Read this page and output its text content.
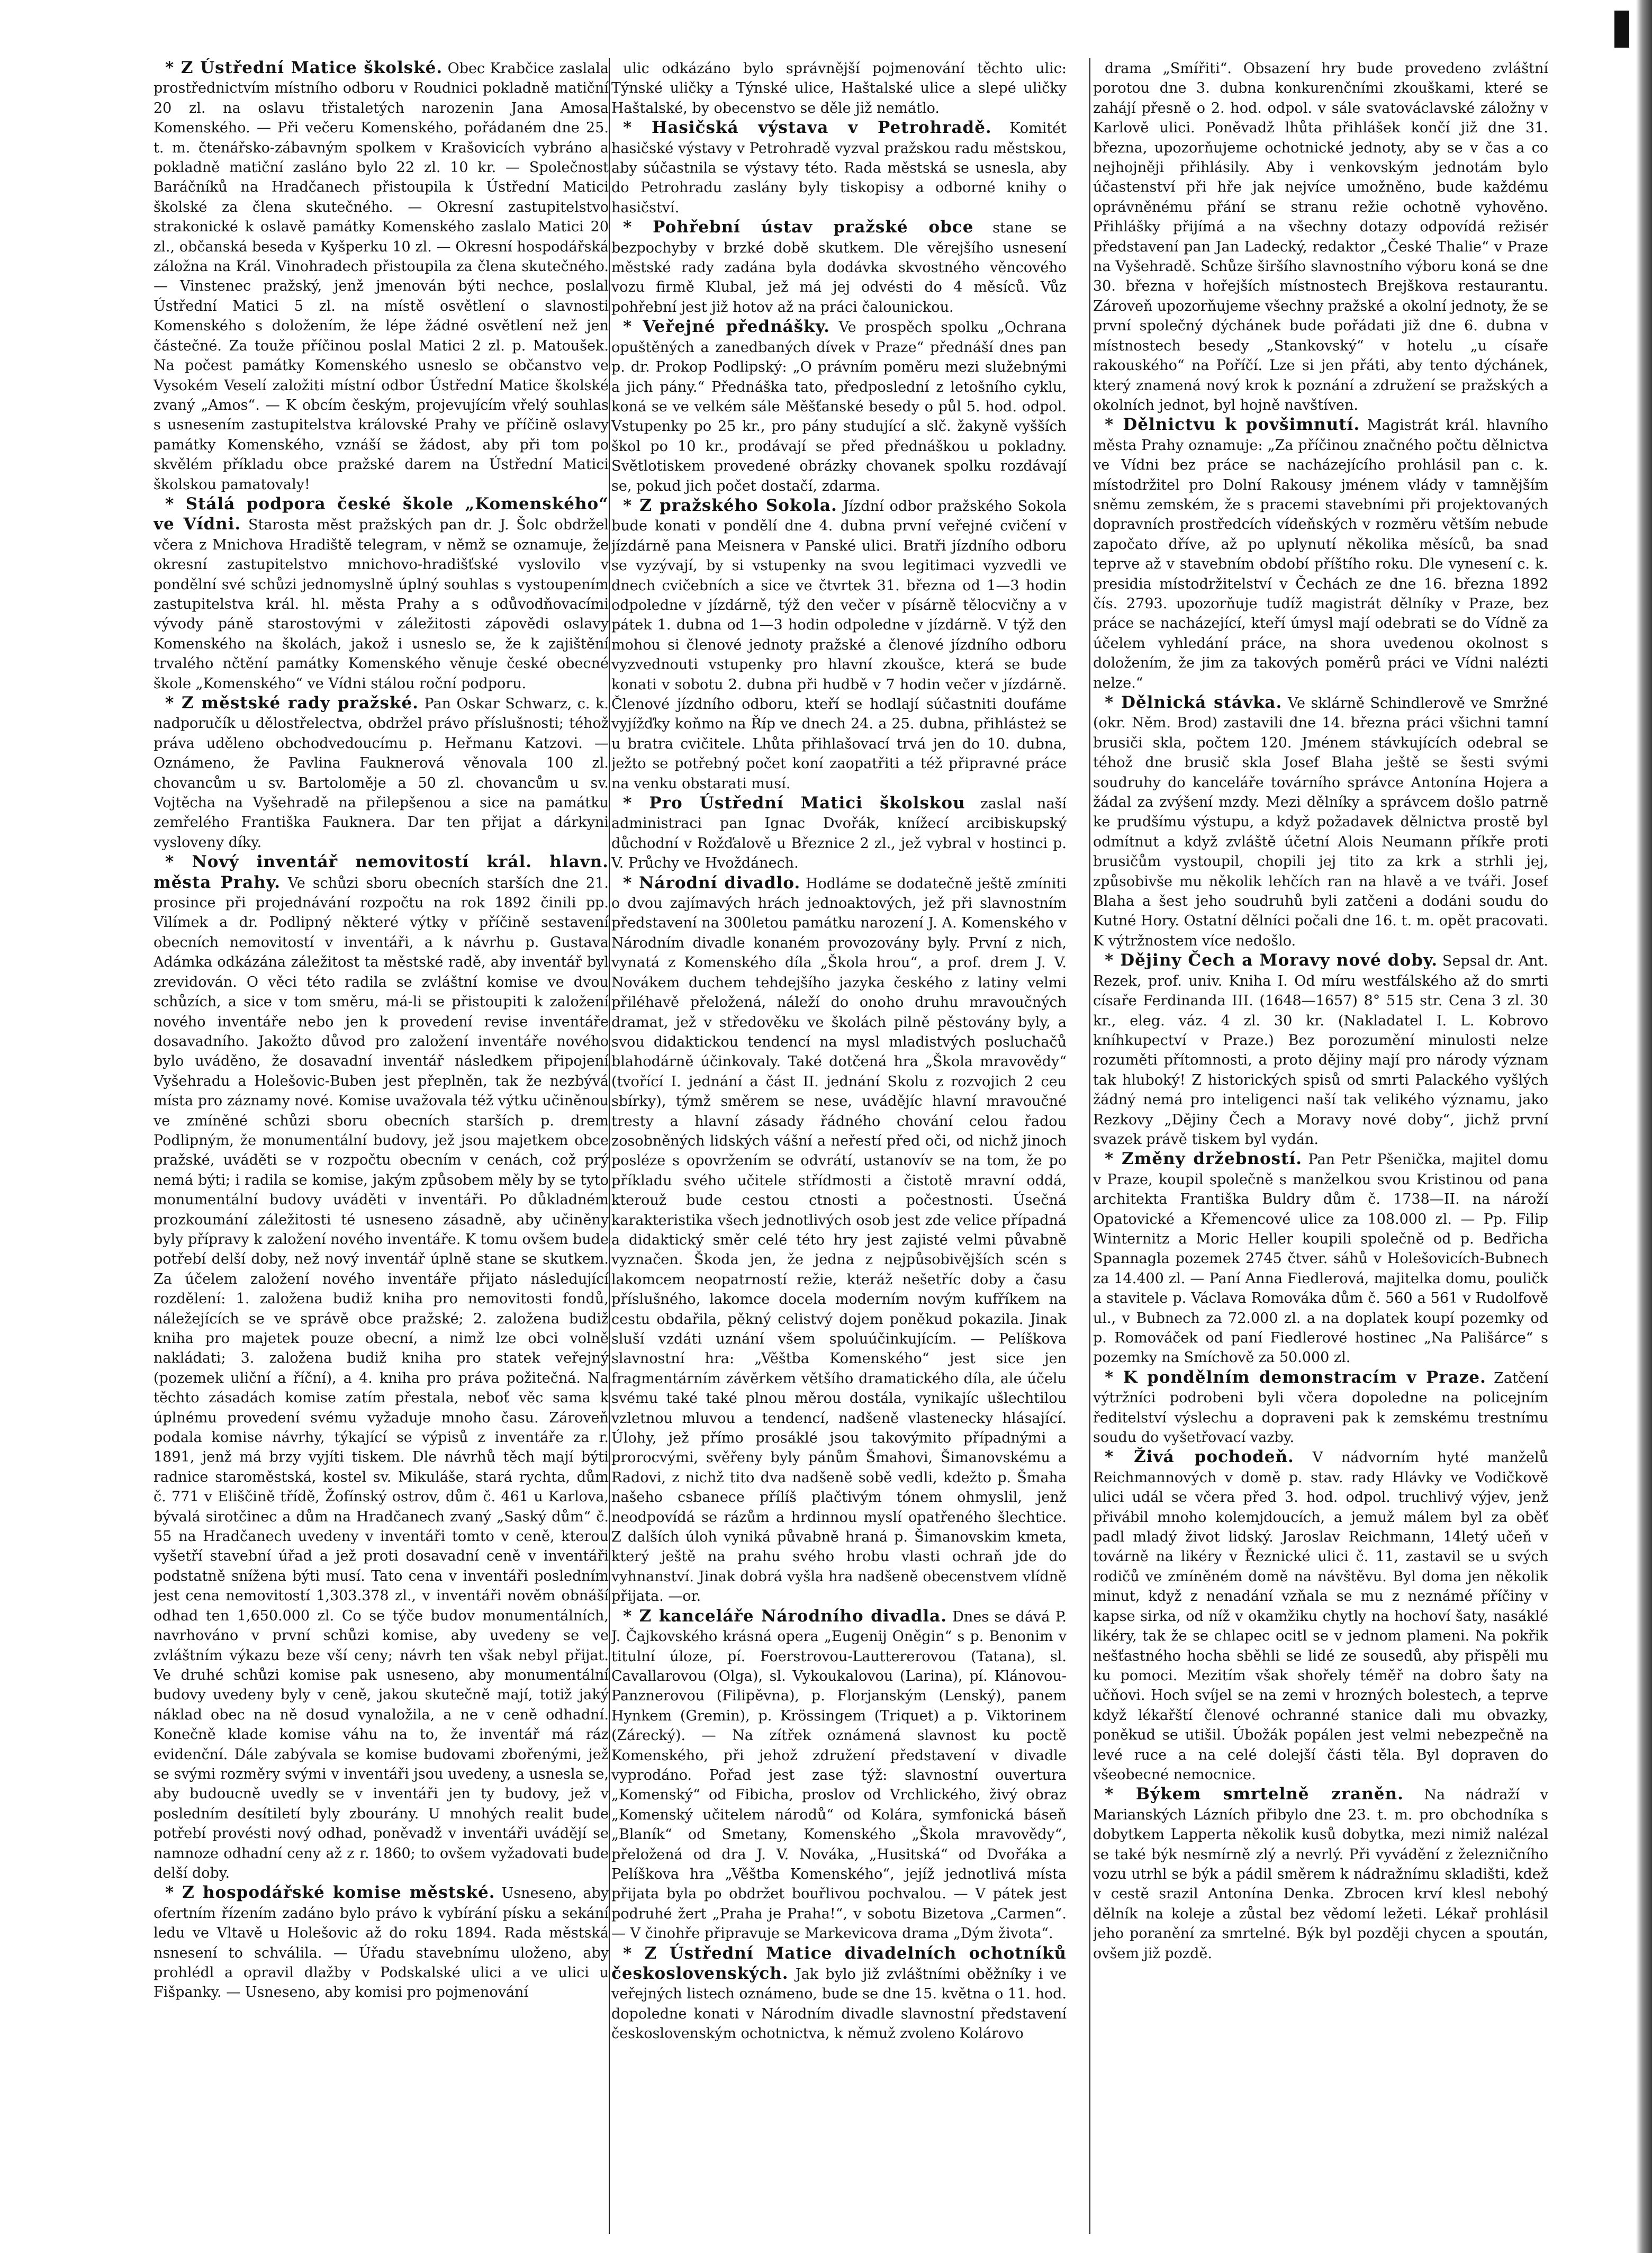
* Z Ústřední Matice školské. Obec Krabčice zaslala prostřednictvím místního odboru v Roudnici pokladně matiční 20 zl. na oslavu třistaletých narozenin Jana Amosa Komenského. — Při večeru Komenského, pořádaném dne 25. t. m. čtenářsko-zábavným spolkem v Krašovicích vybráno a pokladně matiční zasláno bylo 22 zl. 10 kr. — Společnost Baráčníků na Hradčanech přistoupila k Ústřední Matici školské za člena skutečného. — Okresní zastupitelstvo strakonické k oslavě památky Komenského zaslalo Matici 20 zl., občanská beseda v Kyšperku 10 zl. — Okresní hospodářská záložna na Král. Vinohradech přistoupila za člena skutečného. — Vinstenec pražský, jenž jmenován býti nechce, poslal Ústřední Matici 5 zl. na místě osvětlení o slavnosti Komenského s doložením, že lépe žádné osvětlení než jen částečné. Za touže příčinou poslal Matici 2 zl. p. Matoušek. Na počest památky Komenského usneslo se občanstvo ve Vysokém Veselí založiti místní odbor Ústřední Matice školské zvaný „Amos“. — K obcím českým, projevujícím vřelý souhlas s usnesením zastupitelstva královské Prahy ve příčině oslavy památky Komenského, vznáší se žádost, aby při tom po skvělém příkladu obce pražské darem na Ústřední Matici školskou pamatovaly!

* Stálá podpora české škole „Komenského“ ve Vídni. Starosta měst pražských pan dr. J. Šolc obdržel včera z Mnichova Hradiště telegram, v němž se oznamuje, že okresní zastupitelstvo mnichovo-hradišťské vyslovilo v pondělní své schůzi jednomyslně úplný souhlas s vystoupením zastupitelstva král. hl. města Prahy a s odůvodňovacími vývody páně starostovými v záležitosti zápovědi oslavy Komenského na školách, jakož i usneslo se, že k zajištění trvalého nčtění památky Komenského věnuje české obecné škole „Komenského“ ve Vídni stálou roční podporu.

* Z městské rady pražské. Pan Oskar Schwarz, c. k. nadporučík u dělostřelectva, obdržel právo příslušnosti; téhož práva uděleno obchodvedoucímu p. Heřmanu Katzovi. — Oznámeno, že Pavlina Fauknerová věnovala 100 zl. chovancům u sv. Bartoloměje a 50 zl. chovancům u sv. Vojtěcha na Vyšehradě na přilepšenou a sice na památku zemřelého Františka Fauknera. Dar ten přijat a dárkyni vysloveny díky.

* Nový inventář nemovitostí král. hlavn. města Prahy. Ve schůzi sboru obecních starších dne 21. prosince při projednávání rozpočtu na rok 1892 činili pp. Vilímek a dr. Podlipný některé výtky v příčině sestavení obecních nemovitostí v inventáři, a k návrhu p. Gustava Adámka odkázána záležitost ta městské radě, aby inventář byl zrevidován. O věci této radila se zvláštní komise ve dvou schůzích, a sice v tom směru, má-li se přistoupiti k založení nového inventáře nebo jen k provedení revise inventáře dosavadního. Jakožto důvod pro založení inventáře nového bylo uváděno, že dosavadní inventář následkem připojení Vyšehradu a Holešovic-Buben jest přeplněn, tak že nezbývá místa pro záznamy nové. Komise uvažovala též výtku učiněnou ve zmíněné schůzi sboru obecních starších p. drem Podlipným, že monumentální budovy, jež jsou majetkem obce pražské, uváděti se v rozpočtu obecním v cenách, což prý nemá býti; i radila se komise, jakým způsobem měly by se tyto monumentální budovy uváděti v inventáři. Po důkladném prozkoumání záležitosti té usneseno zásadně, aby učiněny byly přípravy k založení nového inventáře. K tomu ovšem bude potřebí delší doby, než nový inventář úplně stane se skutkem. Za účelem založení nového inventáře přijato následující rozdělení: 1. založena budiž kniha pro nemovitosti fondů, náležejících se ve správě obce pražské; 2. založena budiž kniha pro majetek pouze obecní, a nimž lze obci volně nakládati; 3. založena budiž kniha pro statek veřejný (pozemek uliční a říční), a 4. kniha pro práva požitečná. Na těchto zásadách komise zatím přestala, neboť věc sama k úplnému provedení svému vyžaduje mnoho času. Zároveň podala komise návrhy, týkající se výpisů z inventáře za r. 1891, jenž má brzy vyjíti tiskem. Dle návrhů těch mají býti radnice staroměstská, kostel sv. Mikuláše, stará rychta, dům č. 771 v Eliščině třídě, Žofínský ostrov, dům č. 461 u Karlova, bývalá sirotčinec a dům na Hradčanech zvaný „Saský dům“ č. 55 na Hradčanech uvedeny v inventáři tomto v ceně, kterou vyšetří stavební úřad a jež proti dosavadní ceně v inventáři podstatně snížena býti musí. Tato cena v inventáři posledním jest cena nemovitostí 1,303.378 zl., v inventáři nověm obnáší odhad ten 1,650.000 zl. Co se týče budov monumentálních, navrhováno v první schůzi komise, aby uvedeny se ve zvláštním výkazu beze vší ceny; návrh ten však nebyl přijat. Ve druhé schůzi komise pak usneseno, aby monumentální budovy uvedeny byly v ceně, jakou skutečně mají, totiž jaký náklad obec na ně dosud vynaložila, a ne v ceně odhadní. Konečně klade komise váhu na to, že inventář má ráz evidenční. Dále zabývala se komise budovami zbořenými, jež se svými rozměry svými v inventáři jsou uvedeny, a usnesla se, aby budoucně uvedly se v inventáři jen ty budovy, jež v posledním desítiletí byly zbourány. U mnohých realit bude potřebí provésti nový odhad, poněvadž v inventáři uvádějí se namnoze odhadní ceny až z r. 1860; to ovšem vyžadovati bude delší doby.

* Z hospodářské komise městské. Usneseno, aby ofertním řízením zadáno bylo právo k vybírání písku a sekání ledu ve Vltavě u Holešovic až do roku 1894. Rada městská nsnesení to schválila. — Úřadu stavebnímu uloženo, aby prohlédl a opravil dlažby v Podskalské ulici a ve ulici u Fišpanky. — Usneseno, aby komisi pro pojmenování

ulic odkázáno bylo správnější pojmenování těchto ulic: Týnské uličky a Týnské ulice, Haštalské ulice a slepé uličky Haštalské, by obecenstvo se děle již nemátlo.

* Hasičská výstava v Petrohradě. Komitét hasičské výstavy v Petrohradě vyzval pražskou radu městskou, aby súčastnila se výstavy této. Rada městská se usnesla, aby do Petrohradu zaslány byly tiskopisy a odborné knihy o hasičství.

* Pohřební ústav pražské obce stane se bezpochyby v brzké době skutkem. Dle věrejšího usnesení městské rady zadána byla dodávka skvostného věncového vozu firmě Klubal, jež má jej odvésti do 4 měsíců. Vůz pohřební jest již hotov až na práci čalounickou.

* Veřejné přednášky. Ve prospěch spolku „Ochrana opuštěných a zanedbaných dívek v Praze“ přednáší dnes pan p. dr. Prokop Podlipský: „O právním poměru mezi služebnými a jich pány.“ Přednáška tato, předposlední z letošního cyklu, koná se ve velkém sále Měšťanské besedy o půl 5. hod. odpol. Vstupenky po 25 kr., pro pány studující a slč. žakyně vyšších škol po 10 kr., prodávají se před přednáškou u pokladny. Světlotiskem provedené obrázky chovanek spolku rozdávají se, pokud jich počet dostačí, zdarma.

* Z pražského Sokola. Jízdní odbor pražského Sokola bude konati v pondělí dne 4. dubna první veřejné cvičení v jízdárně pana Meisnera v Panské ulici. Bratři jízdního odboru se vyzývají, by si vstupenky na svou legitimaci vyzvedli ve dnech cvičebních a sice ve čtvrtek 31. března od 1—3 hodin odpoledne v jízdárně, týž den večer v písárně tělocvičny a v pátek 1. dubna od 1—3 hodin odpoledne v jízdárně. V týž den mohou si členové jednoty pražské a členové jízdního odboru vyzvednouti vstupenky pro hlavní zkoušce, která se bude konati v sobotu 2. dubna při hudbě v 7 hodin večer v jízdárně. Členové jízdního odboru, kteří se hodlají súčastniti doufáme vyjížďky koňmo na Říp ve dnech 24. a 25. dubna, přihlásteż se u bratra cvičitele. Lhůta přihlašovací trvá jen do 10. dubna, ježto se potřebný počet koní zaopatřiti a též připravné práce na venku obstarati musí.

* Pro Ústřední Matici školskou zaslal naší administraci pan Ignac Dvořák, knížecí arcibiskupský důchodní v Rožďalově u Březnice 2 zl., jež vybral v hostinci p. V. Průchy ve Hvoždánech.

* Národní divadlo. Hodláme se dodatečně ještě zmíniti o dvou zajímavých hrách jednoaktových, jež při slavnostním představení na 300letou památku narození J. A. Komenského v Národním divadle konaném provozovány byly. První z nich, vynatá z Komenského díla „Škola hrou“, a prof. drem J. V. Novákem duchem tehdejšího jazyka českého z latiny velmi přiléhavě přeložená, náleží do onoho druhu mravoučných dramat, jež v středověku ve školách pilně pěstovány byly, a svou didaktickou tendencí na mysl mladistvých posluchačů blahodárně účinkovaly. Také dotčená hra „Škola mravovědy“ (tvořící I. jednání a část II. jednání Skolu z rozvojich 2 ceu sbírky), týmž směrem se nese, uvádějíc hlavní mravoučné tresty a hlavní zásady řádného chování celou řadou zosobněných lidských vášní a neřestí před oči, od nichž jinoch posléze s opovržením se odvrátí, ustanovív se na tom, že po příkladu svého učitele střídmosti a čistotě mravní oddá, kterouž bude cestou ctnosti a počestnosti. Úsečná karakteristika všech jednotlivých osob jest zde velice případná a didaktický směr celé této hry jest zajisté velmi půvabně vyznačen. Škoda jen, že jedna z nejpůsobivějších scén s lakomcem neopatrností režie, kteráž nešetříc doby a času příslušného, lakomce docela moderním novým kufříkem na cestu obdařila, pěkný celistvý dojem poněkud pokazila. Jinak sluší vzdáti uznání všem spoluúčinkujícím. — Pelíškova slavnostní hra: „Věštba Komenského“ jest sice jen fragmentárním závěrkem většího dramatického díla, ale účelu svému také také plnou měrou dostála, vynikajíc ušlechtilou vzletnou mluvou a tendencí, nadšeně vlastenecky hlásající. Úlohy, jež přímo prosáklé jsou takovýmito případnými a prorocvými, svěřeny byly pánům Šmahovi, Šimanovskému a Radovi, z nichž tito dva nadšeně sobě vedli, kdežto p. Šmaha našeho csbanece přílíš plačtivým tónem ohmyslil, jenž neodpovídá se rázům a hrdinnou myslí opatřeného šlechtice. Z dalších úloh vyniká půvabně hraná p. Šimanovskim kmeta, který ještě na prahu svého hrobu vlasti ochraň jde do vyhnanství. Jinak dobrá vyšla hra nadšeně obecenstvem vlídně přijata. —or.

* Z kanceláře Národního divadla. Dnes se dává P. J. Čajkovského krásná opera „Eugenij Oněgin“ s p. Benonim v titulní úloze, pí. Foerstrovou-Lauttererovou (Tatana), sl. Cavallarovou (Olga), sl. Vykoukalovou (Larina), pí. Klánovou-Panznerovou (Filipěvna), p. Florjanským (Lenský), panem Hynkem (Gremin), p. Krössingem (Triquet) a p. Viktorinem (Zárecký). — Na zítřek oznámená slavnost ku poctě Komenského, při jehož združení představení v divadle vyprodáno. Pořad jest zase týž: slavnostní ouvertura „Komenský“ od Fibicha, proslov od Vrchlického, živý obraz „Komenský učitelem národů“ od Kolára, symfonická báseň „Blaník“ od Smetany, Komenského „Škola mravovědy“, přeložená od dra J. V. Nováka, „Husitská“ od Dvořáka a Pelíškova hra „Věštba Komenského“, jejíž jednotlivá místa přijata byla po obdržet bouřlivou pochvalou. — V pátek jest podruhé žert „Praha je Praha!“, v sobotu Bizetova „Carmen“. — V činohře připravuje se Markevicova drama „Dým života“.

* Z Ústřední Matice divadelních ochotníků československých. Jak bylo již zvláštními oběžníky i ve veřejných listech oznámeno, bude se dne 15. května o 11. hod. dopoledne konati v Národním divadle slavnostní představení československým ochotnictva, k němuž zvoleno Kolárovo

drama „Smířiti“. Obsazení hry bude provedeno zvláštní porotou dne 3. dubna konkurenčními zkouškami, které se zahájí přesně o 2. hod. odpol. v sále svatováclavské záložny v Karlově ulici. Poněvadž lhůta přihlášek končí již dne 31. března, upozorňujeme ochotnické jednoty, aby se v čas a co nejhojněji přihlásily. Aby i venkovským jednotám bylo účastenství při hře jak nejvíce umožněno, bude každému oprávněnému přání se stranu režie ochotně vyhověno. Přihlášky přijímá a na všechny dotazy odpovídá režisér představení pan Jan Ladecký, redaktor „České Thalie“ v Praze na Vyšehradě. Schůze širšího slavnostního výboru koná se dne 30. března v hořejších místnostech Brejškova restaurantu. Zároveň upozorňujeme všechny pražské a okolní jednoty, že se první společný dýchánek bude pořádati již dne 6. dubna v místnostech besedy „Stankovský“ v hotelu „u císaře rakouského“ na Poříčí. Lze si jen přáti, aby tento dýchánek, který znamená nový krok k poznání a združení se pražských a okolních jednot, byl hojně navštíven.

* Dělnictvu k povšimnutí. Magistrát král. hlavního města Prahy oznamuje: „Za příčinou značného počtu dělnictva ve Vídni bez práce se nacházejícího prohlásil pan c. k. místodržitel pro Dolní Rakousy jménem vlády v tamnějším sněmu zemském, že s pracemi stavebními při projektovaných dopravních prostředcích vídeňských v rozměru větším nebude započato dříve, až po uplynutí několika měsíců, ba snad teprve až v stavebním období příštího roku. Dle vynesení c. k. presidia místodržitelství v Čechách ze dne 16. března 1892 čís. 2793. upozorňuje tudíž magistrát dělníky v Praze, bez práce se nacházející, kteří úmysl mají odebrati se do Vídně za účelem vyhledání práce, na shora uvedenou okolnost s doložením, že jim za takových poměrů práci ve Vídni nalézti nelze.“

* Dělnická stávka. Ve sklárně Schindlerově ve Smržné (okr. Něm. Brod) zastavili dne 14. března práci všichni tamní brusiči skla, počtem 120. Jménem stávkujících odebral se téhož dne brusič skla Josef Blaha ještě se šesti svými soudruhy do kanceláře továrního správce Antonína Hojera a žádal za zvýšení mzdy. Mezi dělníky a správcem došlo patrně ke prudšímu výstupu, a když požadavek dělnictva prostě byl odmítnut a když zvláště účetní Alois Neumann příkře proti brusičům vystoupil, chopili jej tito za krk a strhli jej, způsobivše mu několik lehčích ran na hlavě a ve tváři. Josef Blaha a šest jeho soudruhů byli zatčeni a dodáni soudu do Kutné Hory. Ostatní dělníci počali dne 16. t. m. opět pracovati. K výtržnostem více nedošlo.

* Dějiny Čech a Moravy nové doby. Sepsal dr. Ant. Rezek, prof. univ. Kniha I. Od míru westfálského až do smrti císaře Ferdinanda III. (1648—1657) 8° 515 str. Cena 3 zl. 30 kr., eleg. váz. 4 zl. 30 kr. (Nakladatel I. L. Kobrovo kníhkupectví v Praze.) Bez porozumění minulosti nelze rozuměti přítomnosti, a proto dějiny mají pro národy význam tak hluboký! Z historických spisů od smrti Palackého vyšlých žádný nemá pro inteligenci naší tak velikého významu, jako Rezkovy „Dějiny Čech a Moravy nové doby“, jichž první svazek právě tiskem byl vydán.

* Změny držebností. Pan Petr Pšenička, majitel domu v Praze, koupil společně s manželkou svou Kristinou od pana architekta Františka Buldry dům č. 1738—II. na nároží Opatovické a Křemencové ulice za 108.000 zl. — Pp. Filip Winternitz a Moric Heller koupili společně od p. Bedřicha Spannagla pozemek 2745 čtver. sáhů v Holešovicích-Bubnech za 14.400 zl. — Paní Anna Fiedlerová, majitelka domu, pouličk a stavitele p. Václava Romováka dům č. 560 a 561 v Rudolfově ul., v Bubnech za 72.000 zl. a na doplatek koupí pozemky od p. Romováček od paní Fiedlerové hostinec „Na Pališárce“ s pozemky na Smíchově za 50.000 zl.

* K pondělním demonstracím v Praze. Zatčení výtržníci podrobeni byli včera dopoledne na policejním ředitelství výslechu a dopraveni pak k zemskému trestnímu soudu do vyšetřovací vazby.

* Živá pochodeň. V nádvorním hyté manželů Reichmannových v domě p. stav. rady Hlávky ve Vodičkově ulici udál se včera před 3. hod. odpol. truchlivý výjev, jenž přivábil mnoho kolemjdoucích, a jemuž málem byl za oběť padl mladý život lidský. Jaroslav Reichmann, 14letý učeň v továrně na likéry v Řeznické ulici č. 11, zastavil se u svých rodičů ve zmíněném domě na návštěvu. Byl doma jen několik minut, když z nenadání vzňala se mu z neznámé příčiny v kapse sirka, od níž v okamžiku chytly na hochoví šaty, nasáklé likéry, tak že se chlapec ocitl se v jednom plameni. Na pokřik nešťastného hocha sběhli se lidé ze sousedů, aby přispěli mu ku pomoci. Mezitím však shořely téměř na dobro šaty na učňovi. Hoch svíjel se na zemi v hrozných bolestech, a teprve když lékařští členové ochranné stanice dali mu obvazky, poněkud se utišil. Úbožák popálen jest velmi nebezpečně na levé ruce a na celé dolejší části těla. Byl dopraven do všeobecné nemocnice.

* Býkem smrtelně zraněn. Na nádraží v Marianských Lázních přibylo dne 23. t. m. pro obchodníka s dobytkem Lapperta několik kusů dobytka, mezi nimiž nalézal se také býk nesmírně zlý a nevrlý. Při vyvádění z železničního vozu utrhl se býk a pádil směrem k nádražnímu skladišti, kdež v cestě srazil Antonína Denka. Zbrocen krví klesl nebohý dělník na koleje a zůstal bez vědomí ležeti. Lékař prohlásil jeho poranění za smrtelné. Býk byl později chycen a spoután, ovšem již pozdě.
